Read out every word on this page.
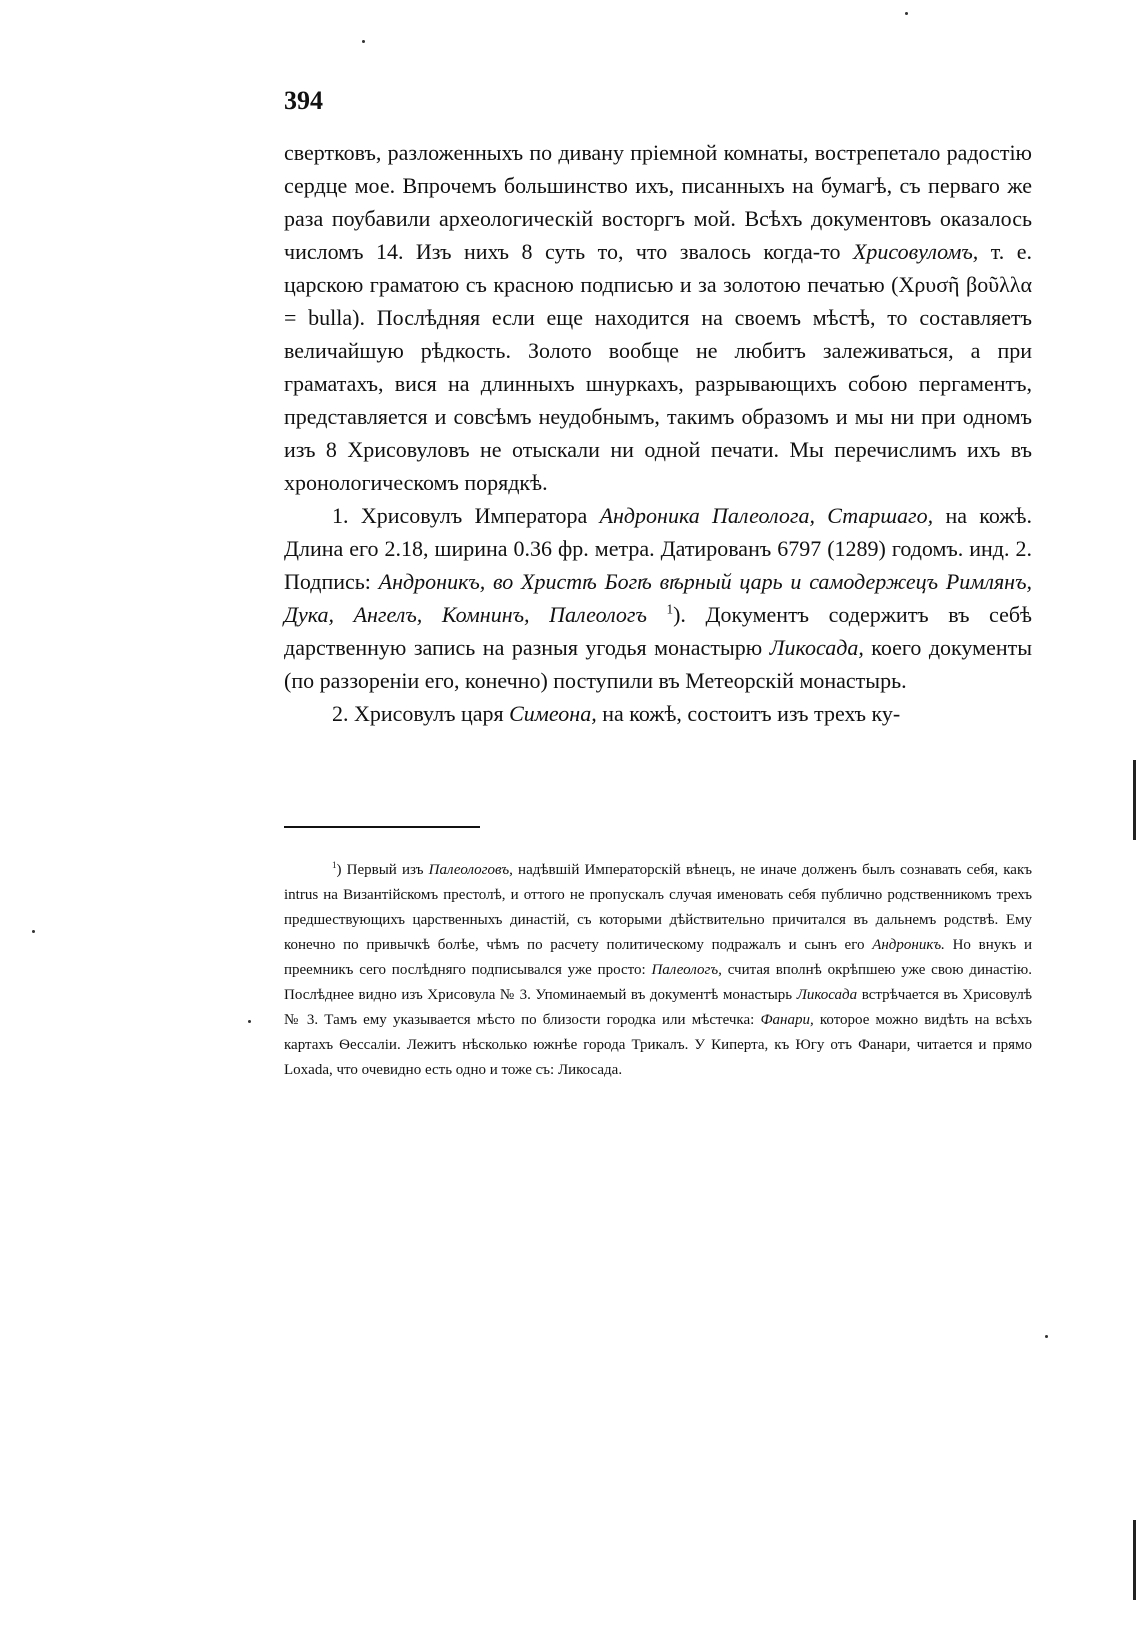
394

свертковъ, разложенныхъ по дивану пріемной комнаты, вострепетало радостію сердце мое. Впрочемъ большинство ихъ, писанныхъ на бумагѣ, съ перваго же раза поубавили археологическій восторгъ мой. Всѣхъ документовъ оказалось числомъ 14. Изъ нихъ 8 суть то, что звалось когда-то Хрисовуломъ, т. е. царскою граматою съ красною подписью и за золотою печатью (Χρυσῆ βοῦλλα = bulla). Послѣдняя если еще находится на своемъ мѣстѣ, то составляетъ величайшую рѣдкость. Золото вообще не любитъ залеживаться, а при граматахъ, вися на длинныхъ шнуркахъ, разрывающихъ собою пергаментъ, представляется и совсѣмъ неудобнымъ, такимъ образомъ и мы ни при одномъ изъ 8 Хрисовуловъ не отыскали ни одной печати. Мы перечислимъ ихъ въ хронологическомъ порядкѣ.

1. Хрисовулъ Императора Андроника Палеолога, Старшаго, на кожѣ. Длина его 2.18, ширина 0.36 фр. метра. Датированъ 6797 (1289) годомъ. инд. 2. Подпись: Андроникъ, во Христѣ Богѣ вѣрный царь и самодержецъ Римлянъ, Дука, Ангелъ, Комнинъ, Палеологъ $^1$). Документъ содержитъ въ себѣ дарственную запись на разныя угодья монастырю Ликосада, коего документы (по раззореніи его, конечно) поступили въ Метеорскій монастырь.

2. Хрисовулъ царя Симеона, на кожѣ, состоитъ изъ трехъ ку-

$^1$) Первый изъ Палеологовъ, надѣвшій Императорскій вѣнецъ, не иначе долженъ былъ сознавать себя, какъ intrus на Византійскомъ престолѣ, и оттого не пропускалъ случая именовать себя публично родственникомъ трехъ предшествующихъ царственныхъ династій, съ которыми дѣйствительно причитался въ дальнемъ родствѣ. Ему конечно по привычкѣ болѣе, чѣмъ по расчету политическому подражалъ и сынъ его Андроникъ. Но внукъ и преемникъ сего послѣдняго подписывался уже просто: Палеологъ, считая вполнѣ окрѣпшею уже свою династію. Послѣднее видно изъ Хрисовула № 3. Упоминаемый въ документѣ монастырь Ликосада встрѣчается въ Хрисовулѣ № 3. Тамъ ему указывается мѣсто по близости городка или мѣстечка: Фанари, которое можно видѣть на всѣхъ картахъ Ѳессаліи. Лежитъ нѣсколько южнѣе города Трикалъ. У Киперта, къ Югу отъ Фанари, читается и прямо Loxada, что очевидно есть одно и тоже съ: Ликосада.
